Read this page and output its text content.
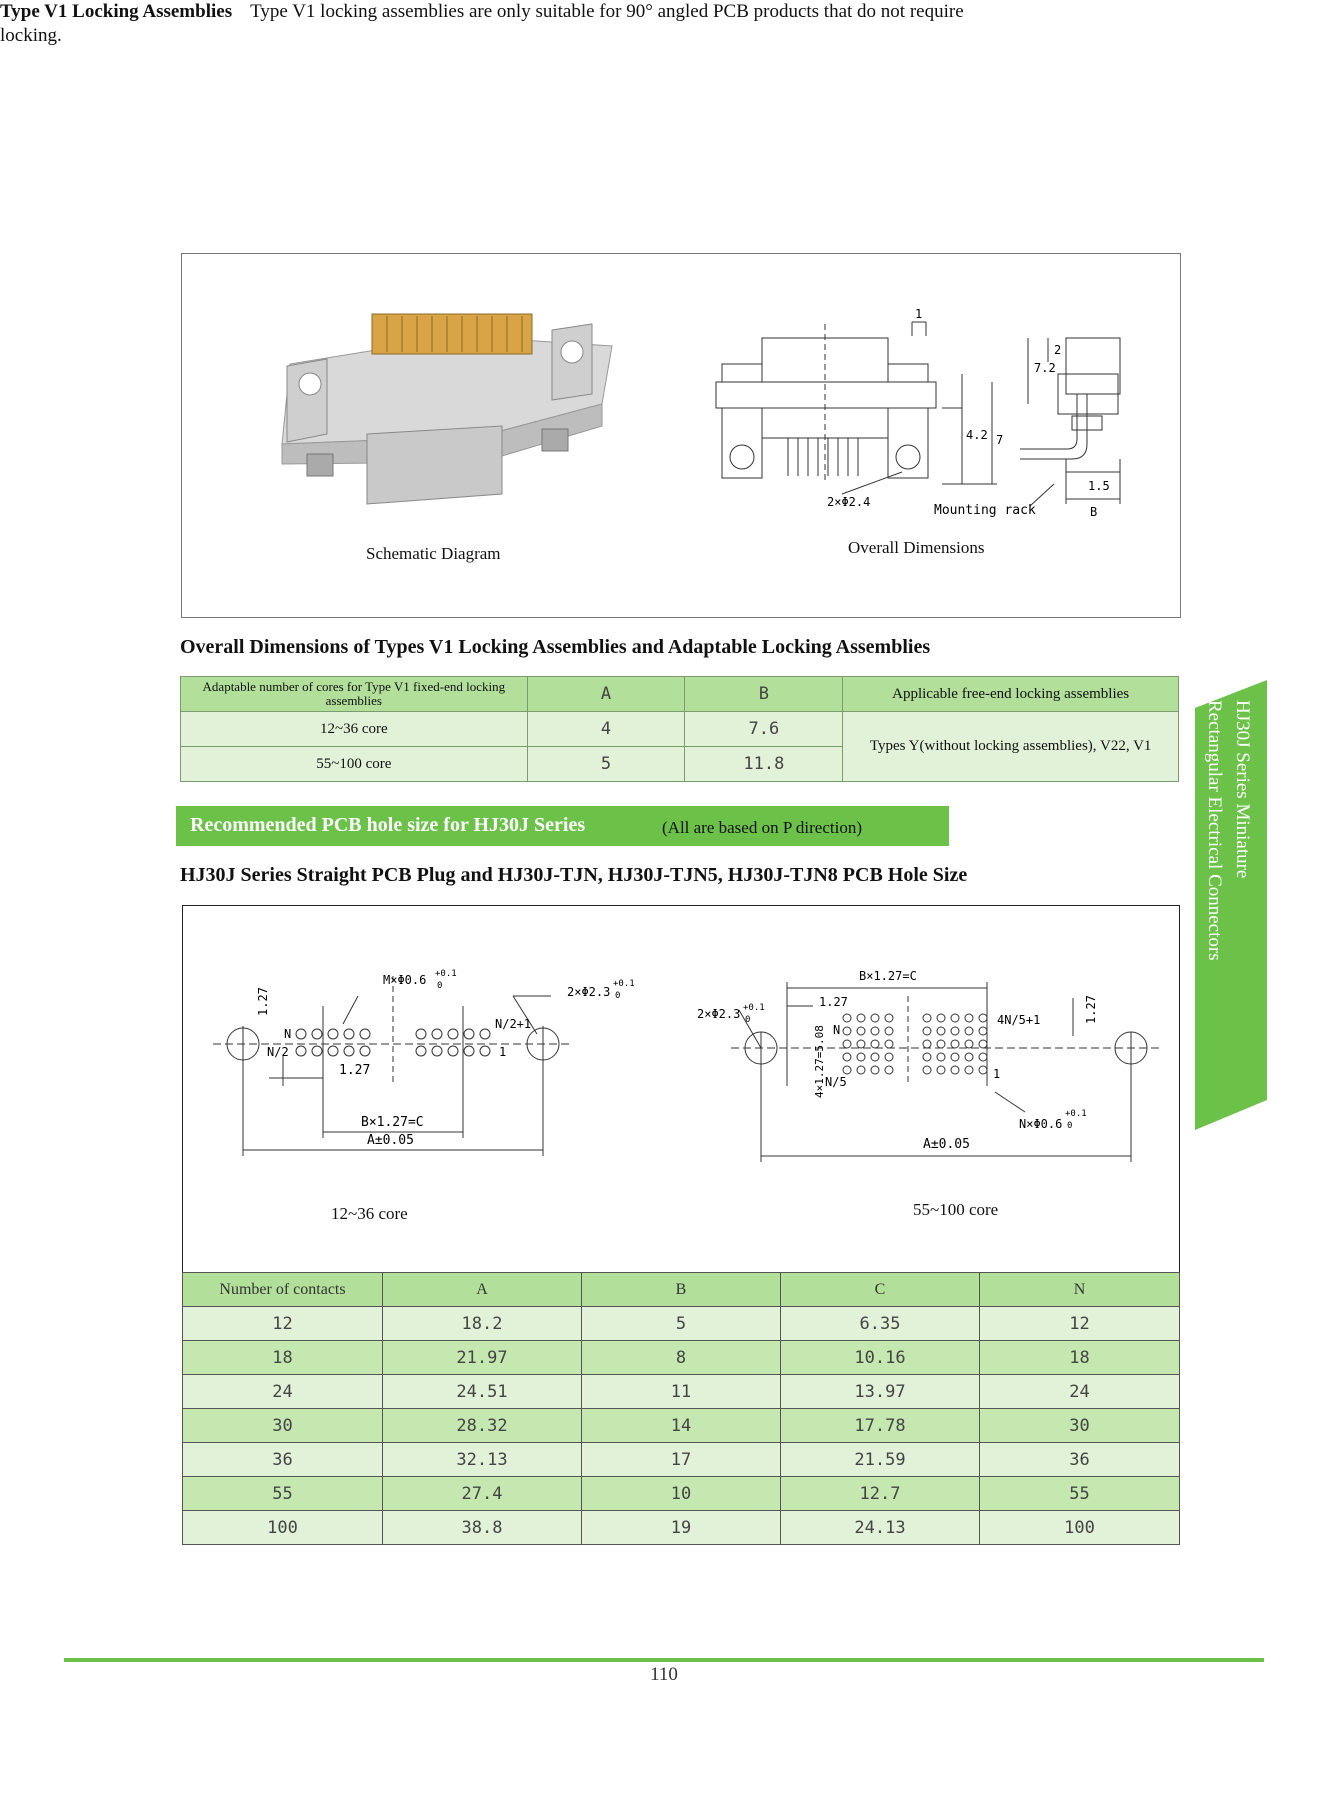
Type V1 Locking Assemblies Type V1 locking assemblies are only suitable for 90° angled PCB products that do not require locking.
1
2
7.2
4.2 7
2×Φ2.4
Mounting rack
1.5
B
Schematic Diagram	Overall Dimensions
Overall Dimensions of Types V1 Locking Assemblies and Adaptable Locking Assemblies
Adaptable number of cores for Type V1 fixed-end locking assemblies	A	B	Applicable free-end locking assemblies
12~36 core	4	7.6	Types Y(without locking assemblies), V22, V1
55~100 core	5	11.8	
Recommended PCB hole size for HJ30J Series	(All are based on P direction)
HJ30J Series Straight PCB Plug and HJ30J-TJN, HJ30J-TJN5, HJ30J-TJN8 PCB Hole Size
M×Φ0.6 +0.1
0	2×Φ2.3
+0.1
0
1.27
N
N/2
N/2+1
1
1.27
B×1.27=C
A±0.05
B×1.27=C
1.27
2×Φ2.3 +0.1
0
N
N/5
4N/5+1
4×1.27=5.08	1
N×Φ0.6
+0.1
0
A±0.05
1.27
12~36 core	55~100 core
Number of contacts	A	B	C	N
12	18.2	5	6.35	12
18	21.97	8	10.16	18
24	24.51	11	13.97	24
30	28.32	14	17.78	30
36	32.13	17	21.59	36
55	27.4	10	12.7	55
100	38.8	19	24.13	100
HJ30J Series Miniature
Rectangular Electrical Connectors
110
